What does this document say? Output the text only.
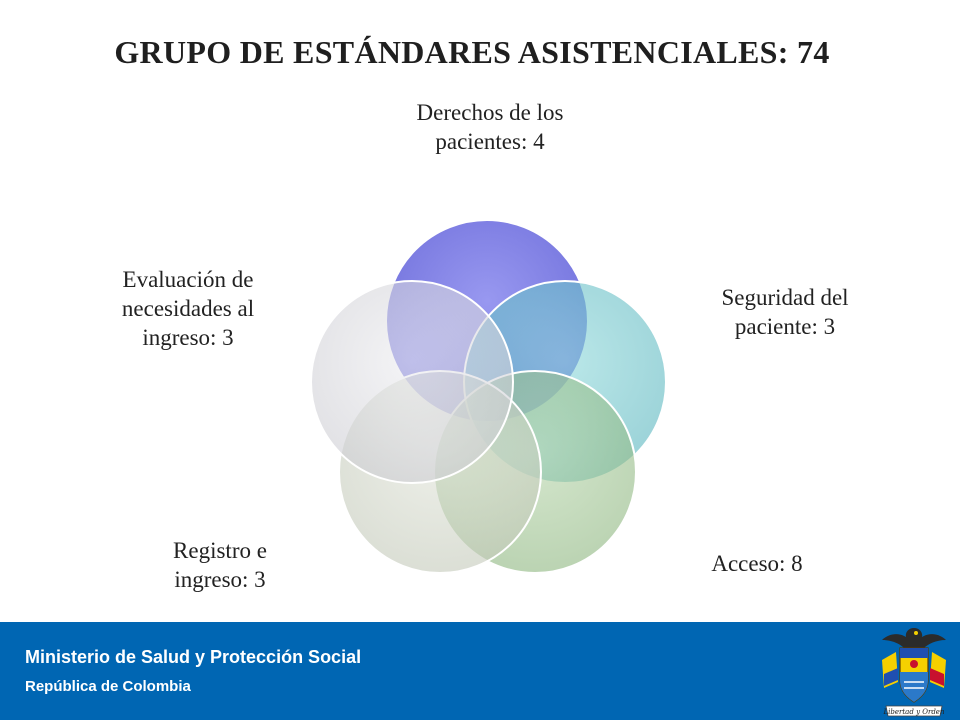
GRUPO DE ESTÁNDARES ASISTENCIALES: 74
Derechos de los
pacientes: 4
Seguridad del
paciente: 3
Acceso: 8
Registro e
ingreso: 3
Evaluación de
necesidades al
ingreso: 3
Ministerio de Salud y Protección Social
República de Colombia
Libertad y Orden
